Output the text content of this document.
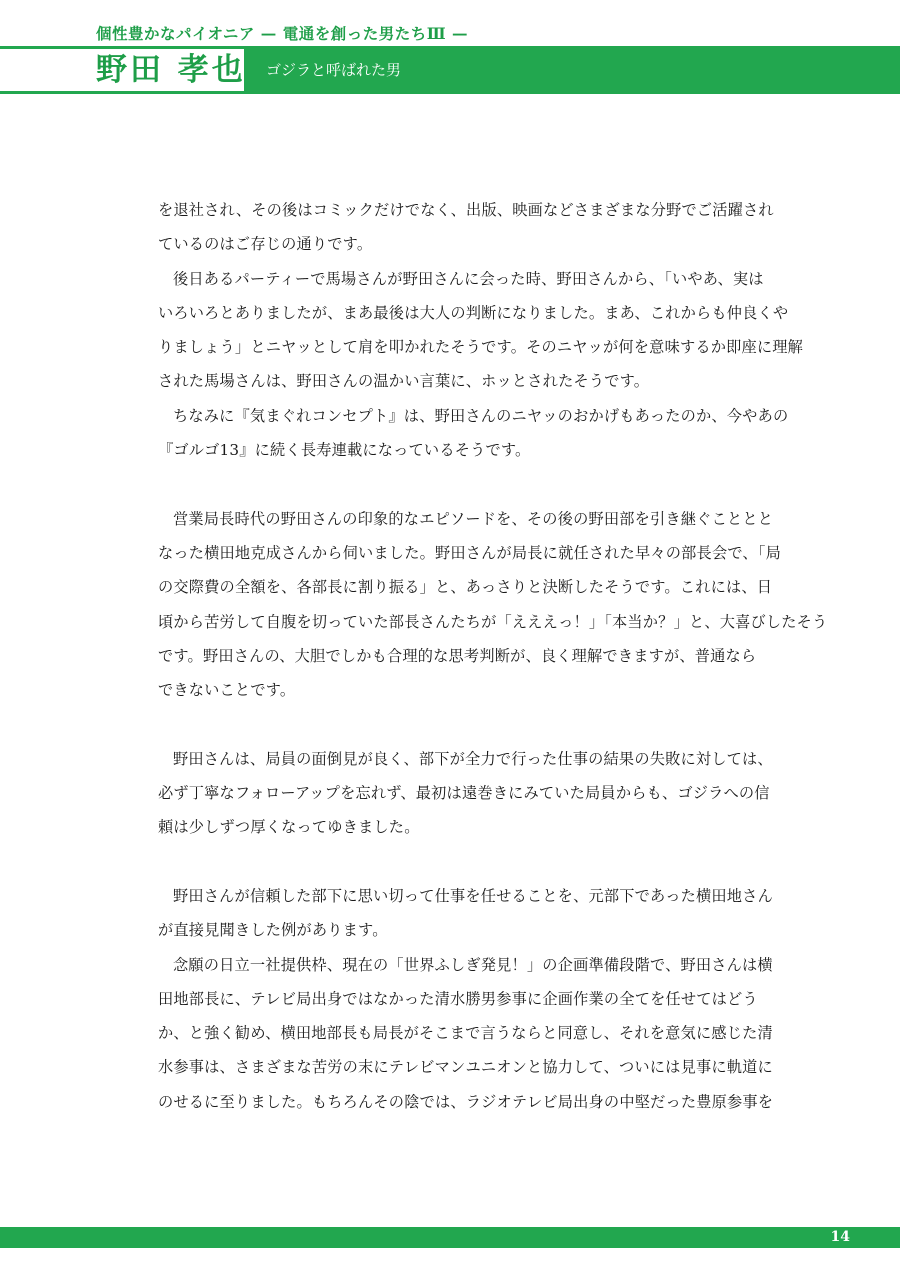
個性豊かなパイオニア — 電通を創った男たちⅢ —
野田 孝也 ゴジラと呼ばれた男
を退社され、その後はコミックだけでなく、出版、映画などさまざまな分野でご活躍され
ているのはご存じの通りです。
後日あるパーティーで馬場さんが野田さんに会った時、野田さんから、「いやあ、実は
いろいろとありましたが、まあ最後は大人の判断になりました。まあ、これからも仲良くや
りましょう」とニヤッとして肩を叩かれたそうです。そのニヤッが何を意味するか即座に理解
された馬場さんは、野田さんの温かい言葉に、ホッとされたそうです。
ちなみに『気まぐれコンセプト』は、野田さんのニヤッのおかげもあったのか、今やあの
『ゴルゴ13』に続く長寿連載になっているそうです。
営業局長時代の野田さんの印象的なエピソードを、その後の野田部を引き継ぐこととと
なった横田地克成さんから伺いました。野田さんが局長に就任された早々の部長会で、「局
の交際費の全額を、各部長に割り振る」と、あっさりと決断したそうです。これには、日
頃から苦労して自腹を切っていた部長さんたちが「えええっ！」「本当か？」と、大喜びしたそう
です。野田さんの、大胆でしかも合理的な思考判断が、良く理解できますが、普通なら
できないことです。
野田さんは、局員の面倒見が良く、部下が全力で行った仕事の結果の失敗に対しては、
必ず丁寧なフォローアップを忘れず、最初は遠巻きにみていた局員からも、ゴジラへの信
頼は少しずつ厚くなってゆきました。
野田さんが信頼した部下に思い切って仕事を任せることを、元部下であった横田地さん
が直接見聞きした例があります。
念願の日立一社提供枠、現在の「世界ふしぎ発見！」の企画準備段階で、野田さんは横
田地部長に、テレビ局出身ではなかった清水勝男参事に企画作業の全てを任せてはどう
か、と強く勧め、横田地部長も局長がそこまで言うならと同意し、それを意気に感じた清
水参事は、さまざまな苦労の末にテレビマンユニオンと協力して、ついには見事に軌道に
のせるに至りました。もちろんその陰では、ラジオテレビ局出身の中堅だった豊原参事を
14
